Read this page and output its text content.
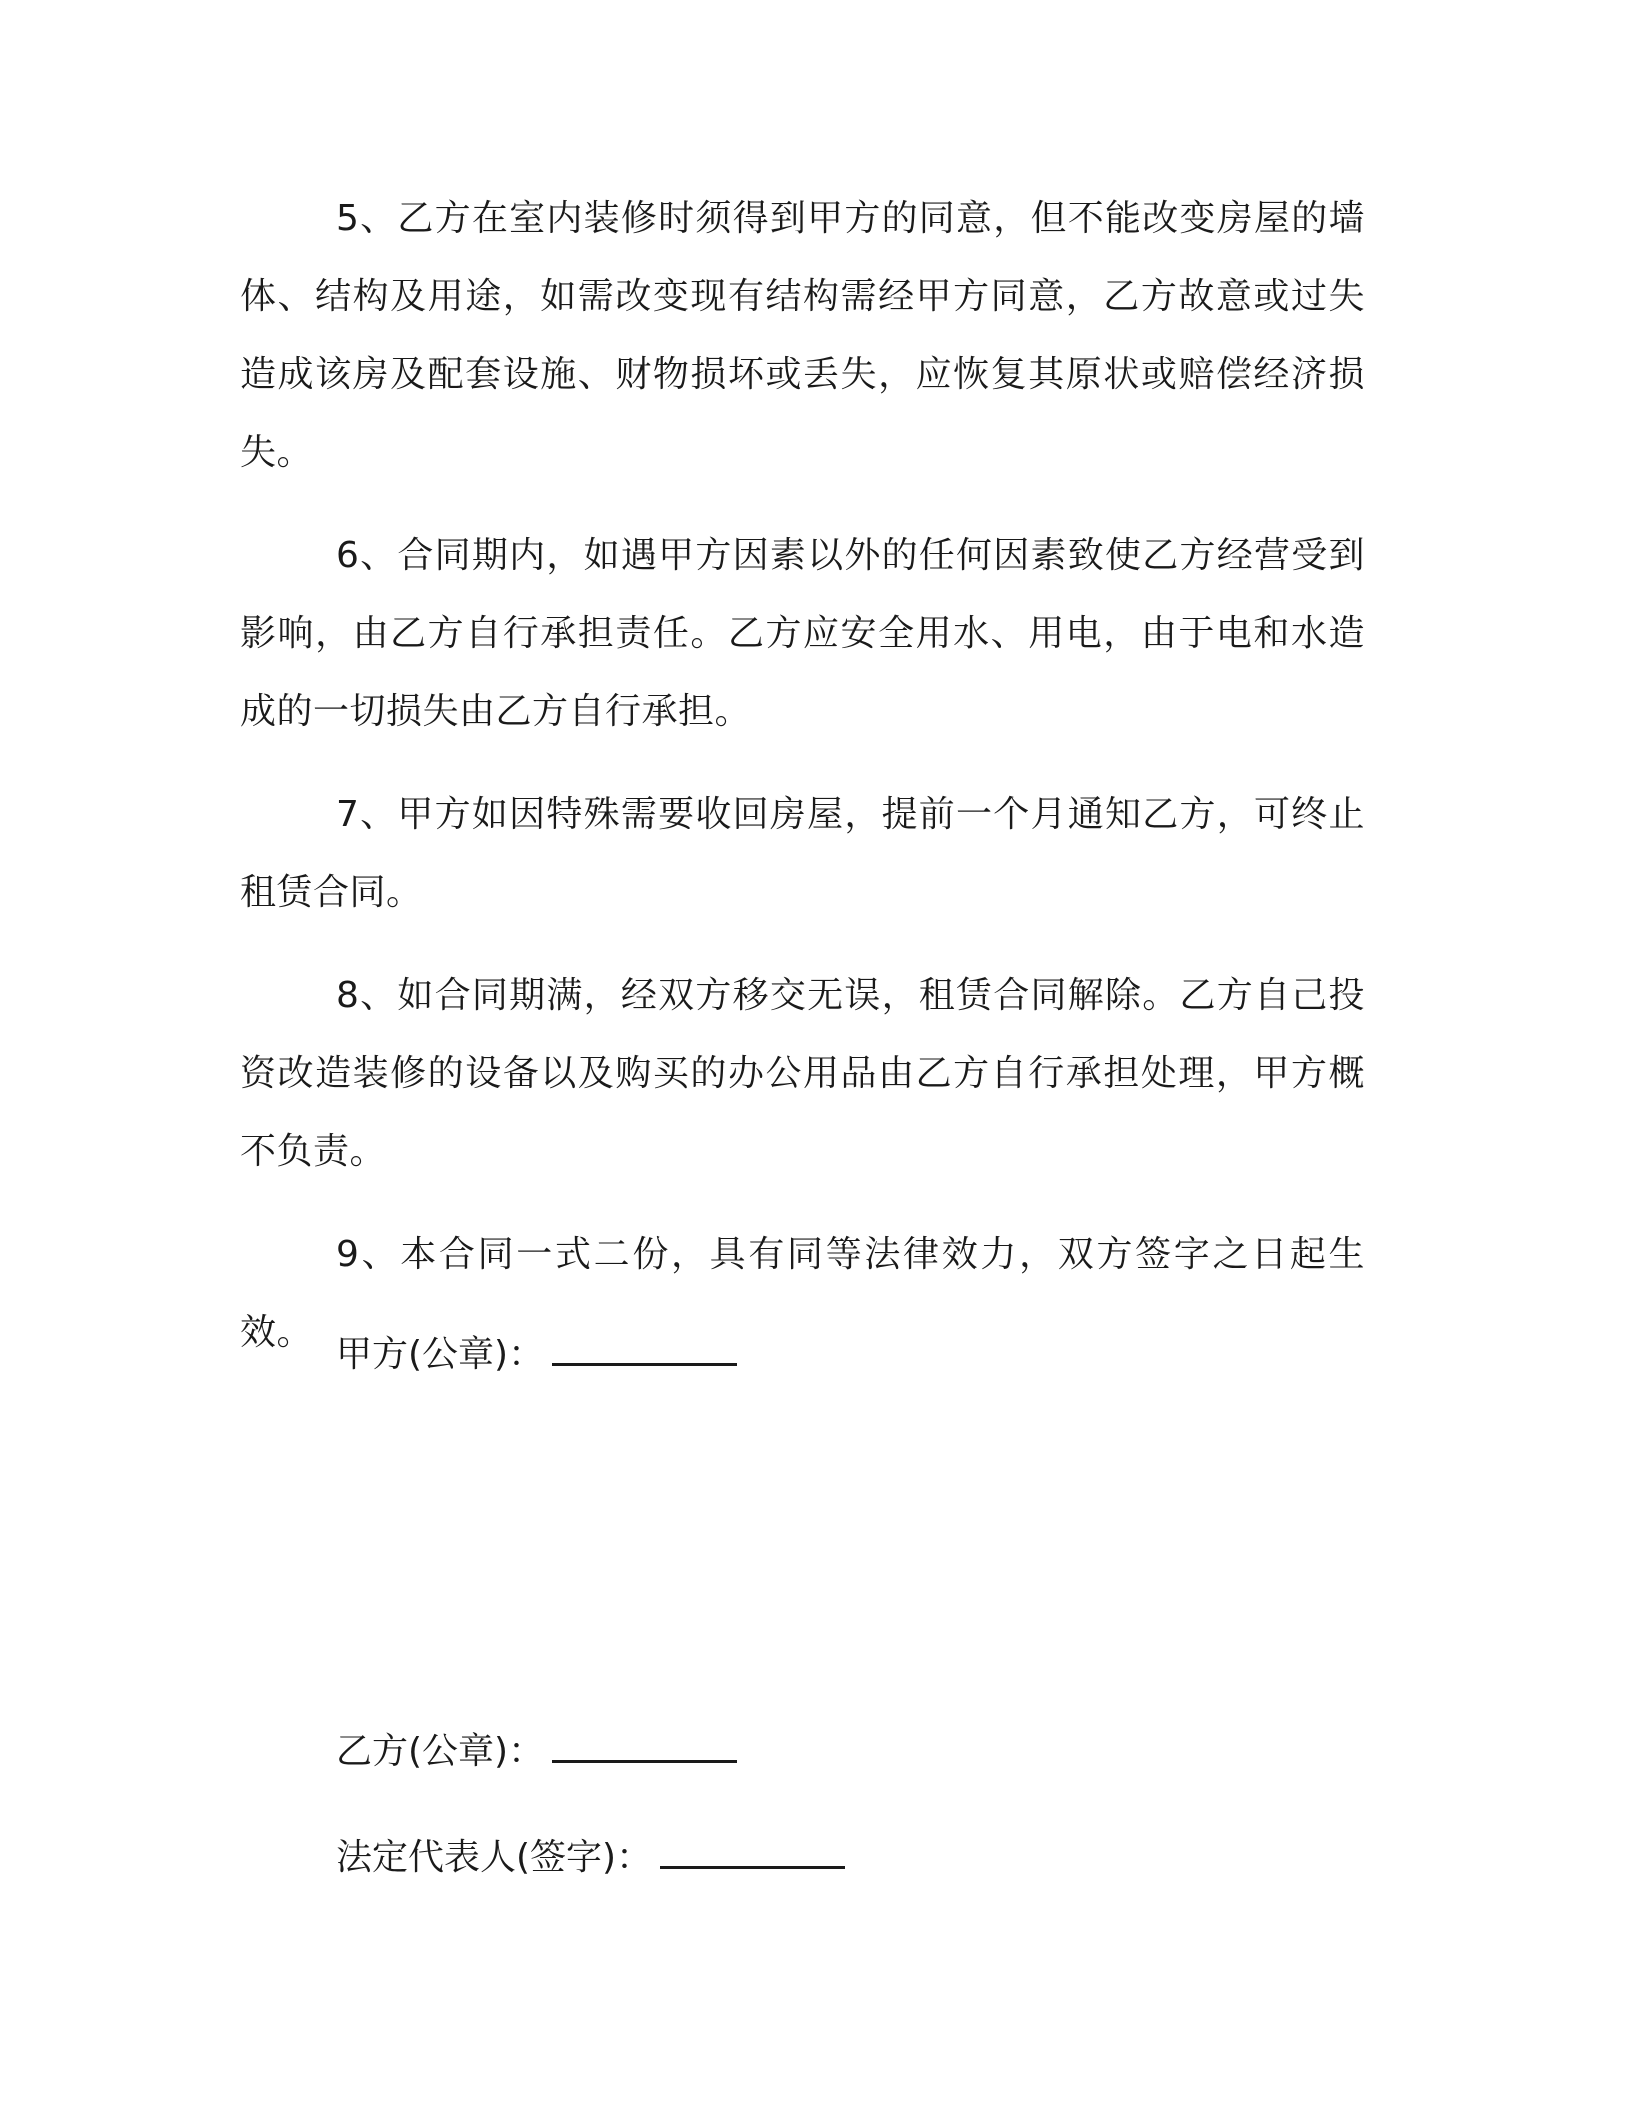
5、乙方在室内装修时须得到甲方的同意，但不能改变房屋的墙体、结构及用途，如需改变现有结构需经甲方同意，乙方故意或过失造成该房及配套设施、财物损坏或丢失，应恢复其原状或赔偿经济损失。

6、合同期内，如遇甲方因素以外的任何因素致使乙方经营受到影响，由乙方自行承担责任。乙方应安全用水、用电，由于电和水造成的一切损失由乙方自行承担。

7、甲方如因特殊需要收回房屋，提前一个月通知乙方，可终止租赁合同。

8、如合同期满，经双方移交无误，租赁合同解除。乙方自己投资改造装修的设备以及购买的办公用品由乙方自行承担处理，甲方概不负责。

9、本合同一式二份，具有同等法律效力，双方签字之日起生效。

甲方(公章)：
乙方(公章)：
法定代表人(签字)：
